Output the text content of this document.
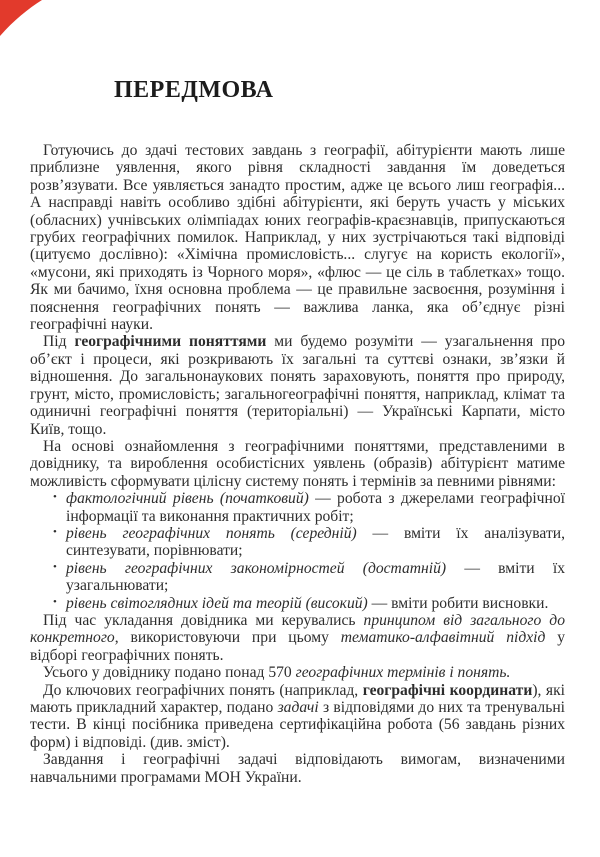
ПЕРЕДМОВА

Готуючись до здачі тестових завдань з географії, абітурієнти мають лише приблизне уявлення, якого рівня складності завдання їм доведеться розв’язувати. Все уявляється занадто простим, адже це всього лиш географія... А насправді навіть особливо здібні абітурієнти, які беруть участь у міських (обласних) учнівських олімпіадах юних географів-краєзнавців, припускаються грубих географічних помилок. Наприклад, у них зустрічаються такі відповіді (цитуємо дослівно): «Хімічна промисловість... слугує на користь екології», «мусони, які приходять із Чорного моря», «флюс — це сіль в таблетках» тощо. Як ми бачимо, їхня основна проблема — це правильне засвоєння, розуміння і пояснення географічних понять — важлива ланка, яка об’єднує різні географічні науки.

Під географічними поняттями ми будемо розуміти — узагальнення про об’єкт і процеси, які розкривають їх загальні та суттєві ознаки, зв’язки й відношення. До загальнонаукових понять зараховують, поняття про природу, грунт, місто, промисловість; загальногеографічні поняття, наприклад, клімат та одиничні географічні поняття (територіальні) — Українські Карпати, місто Київ, тощо.

На основі ознайомлення з географічними поняттями, представленими в довіднику, та вироблення особистісних уявлень (образів) абітурієнт матиме можливість сформувати цілісну систему понять і термінів за певними рівнями:

• фактологічний рівень (початковий) — робота з джерелами географічної інформації та виконання практичних робіт;
• рівень географічних понять (середній) — вміти їх аналізувати, синтезувати, порівнювати;
• рівень географічних закономірностей (достатній) — вміти їх узагальнювати;
• рівень світоглядних ідей та теорій (високий) — вміти робити висновки.

Під час укладання довідника ми керувались принципом від загального до конкретного, використовуючи при цьому тематико-алфавітний підхід у відборі географічних понять.

Усього у довіднику подано понад 570 географічних термінів і понять.

До ключових географічних понять (наприклад, географічні координати), які мають прикладний характер, подано задачі з відповідями до них та тренувальні тести. В кінці посібника приведена сертифікаційна робота (56 завдань різних форм) і відповіді. (див. зміст).

Завдання і географічні задачі відповідають вимогам, визначеними навчальними програмами МОН України.
